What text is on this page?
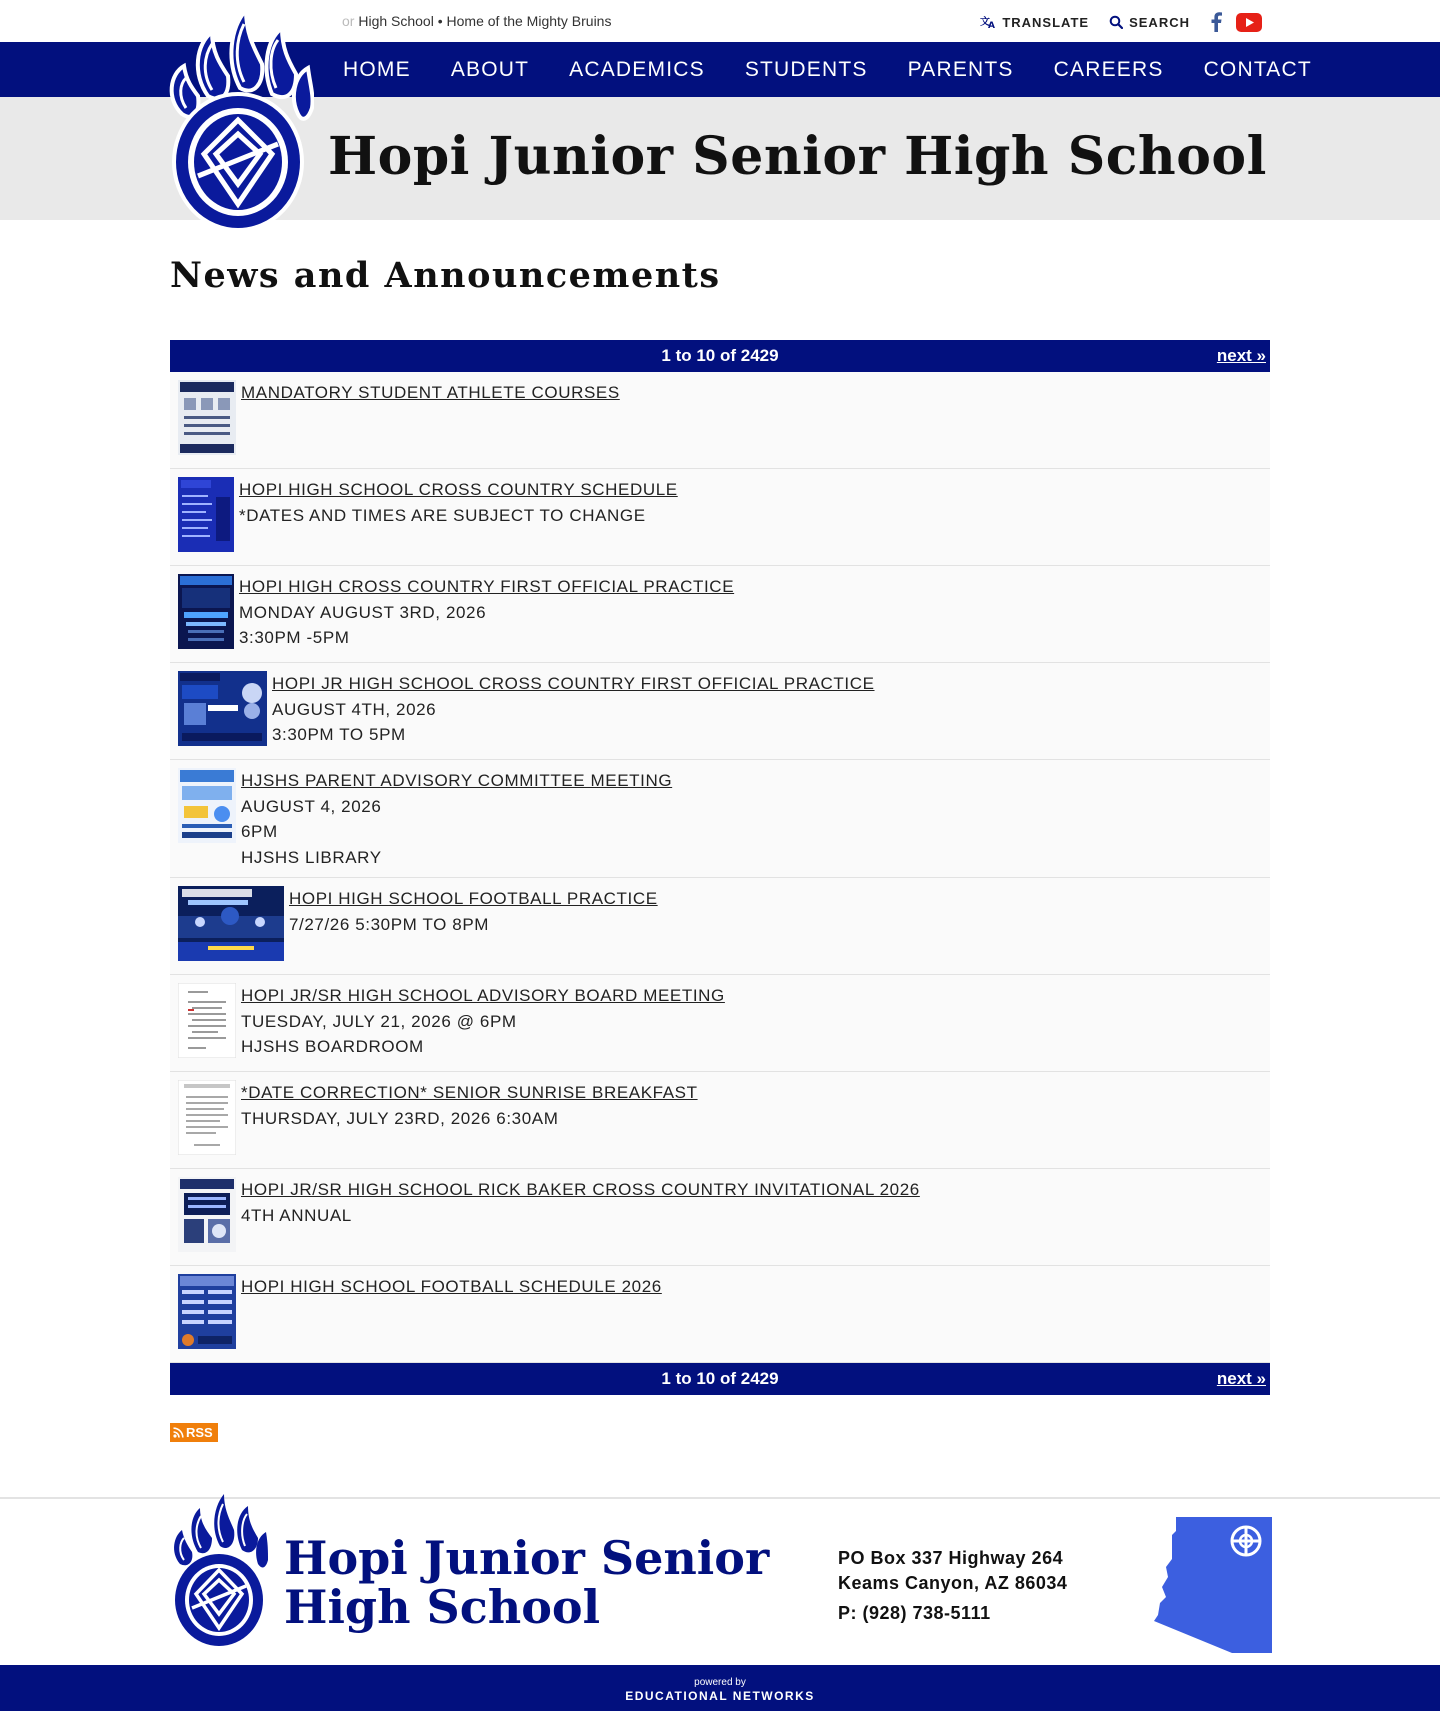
or High School • Home of the Mighty Bruins	文
A TRANSLATE	SEARCH
HOME ABOUT ACADEMICS STUDENTS PARENTS CAREERS CONTACT
Hopi Junior Senior High School
News and Announcements
1 to 10 of 2429	next »
MANDATORY STUDENT ATHLETE COURSES
HOPI HIGH SCHOOL CROSS COUNTRY SCHEDULE
*DATES AND TIMES ARE SUBJECT TO CHANGE
HOPI HIGH CROSS COUNTRY FIRST OFFICIAL PRACTICE
MONDAY AUGUST 3RD, 2026
3:30PM -5PM
HOPI JR HIGH SCHOOL CROSS COUNTRY FIRST OFFICIAL PRACTICE
AUGUST 4TH, 2026
3:30PM TO 5PM
HJSHS PARENT ADVISORY COMMITTEE MEETING
AUGUST 4, 2026
6PM
HJSHS LIBRARY
HOPI HIGH SCHOOL FOOTBALL PRACTICE
7/27/26 5:30PM TO 8PM
HOPI JR/SR HIGH SCHOOL ADVISORY BOARD MEETING
TUESDAY, JULY 21, 2026 @ 6PM
HJSHS BOARDROOM
*DATE CORRECTION* SENIOR SUNRISE BREAKFAST
THURSDAY, JULY 23RD, 2026 6:30AM
HOPI JR/SR HIGH SCHOOL RICK BAKER CROSS COUNTRY INVITATIONAL 2026
4TH ANNUAL
HOPI HIGH SCHOOL FOOTBALL SCHEDULE 2026
1 to 10 of 2429	next »
RSS
Hopi Junior Senior
High School
PO Box 337 Highway 264
Keams Canyon, AZ 86034
P: (928) 738-5111
powered by
EDUCATIONAL NETWORKS
